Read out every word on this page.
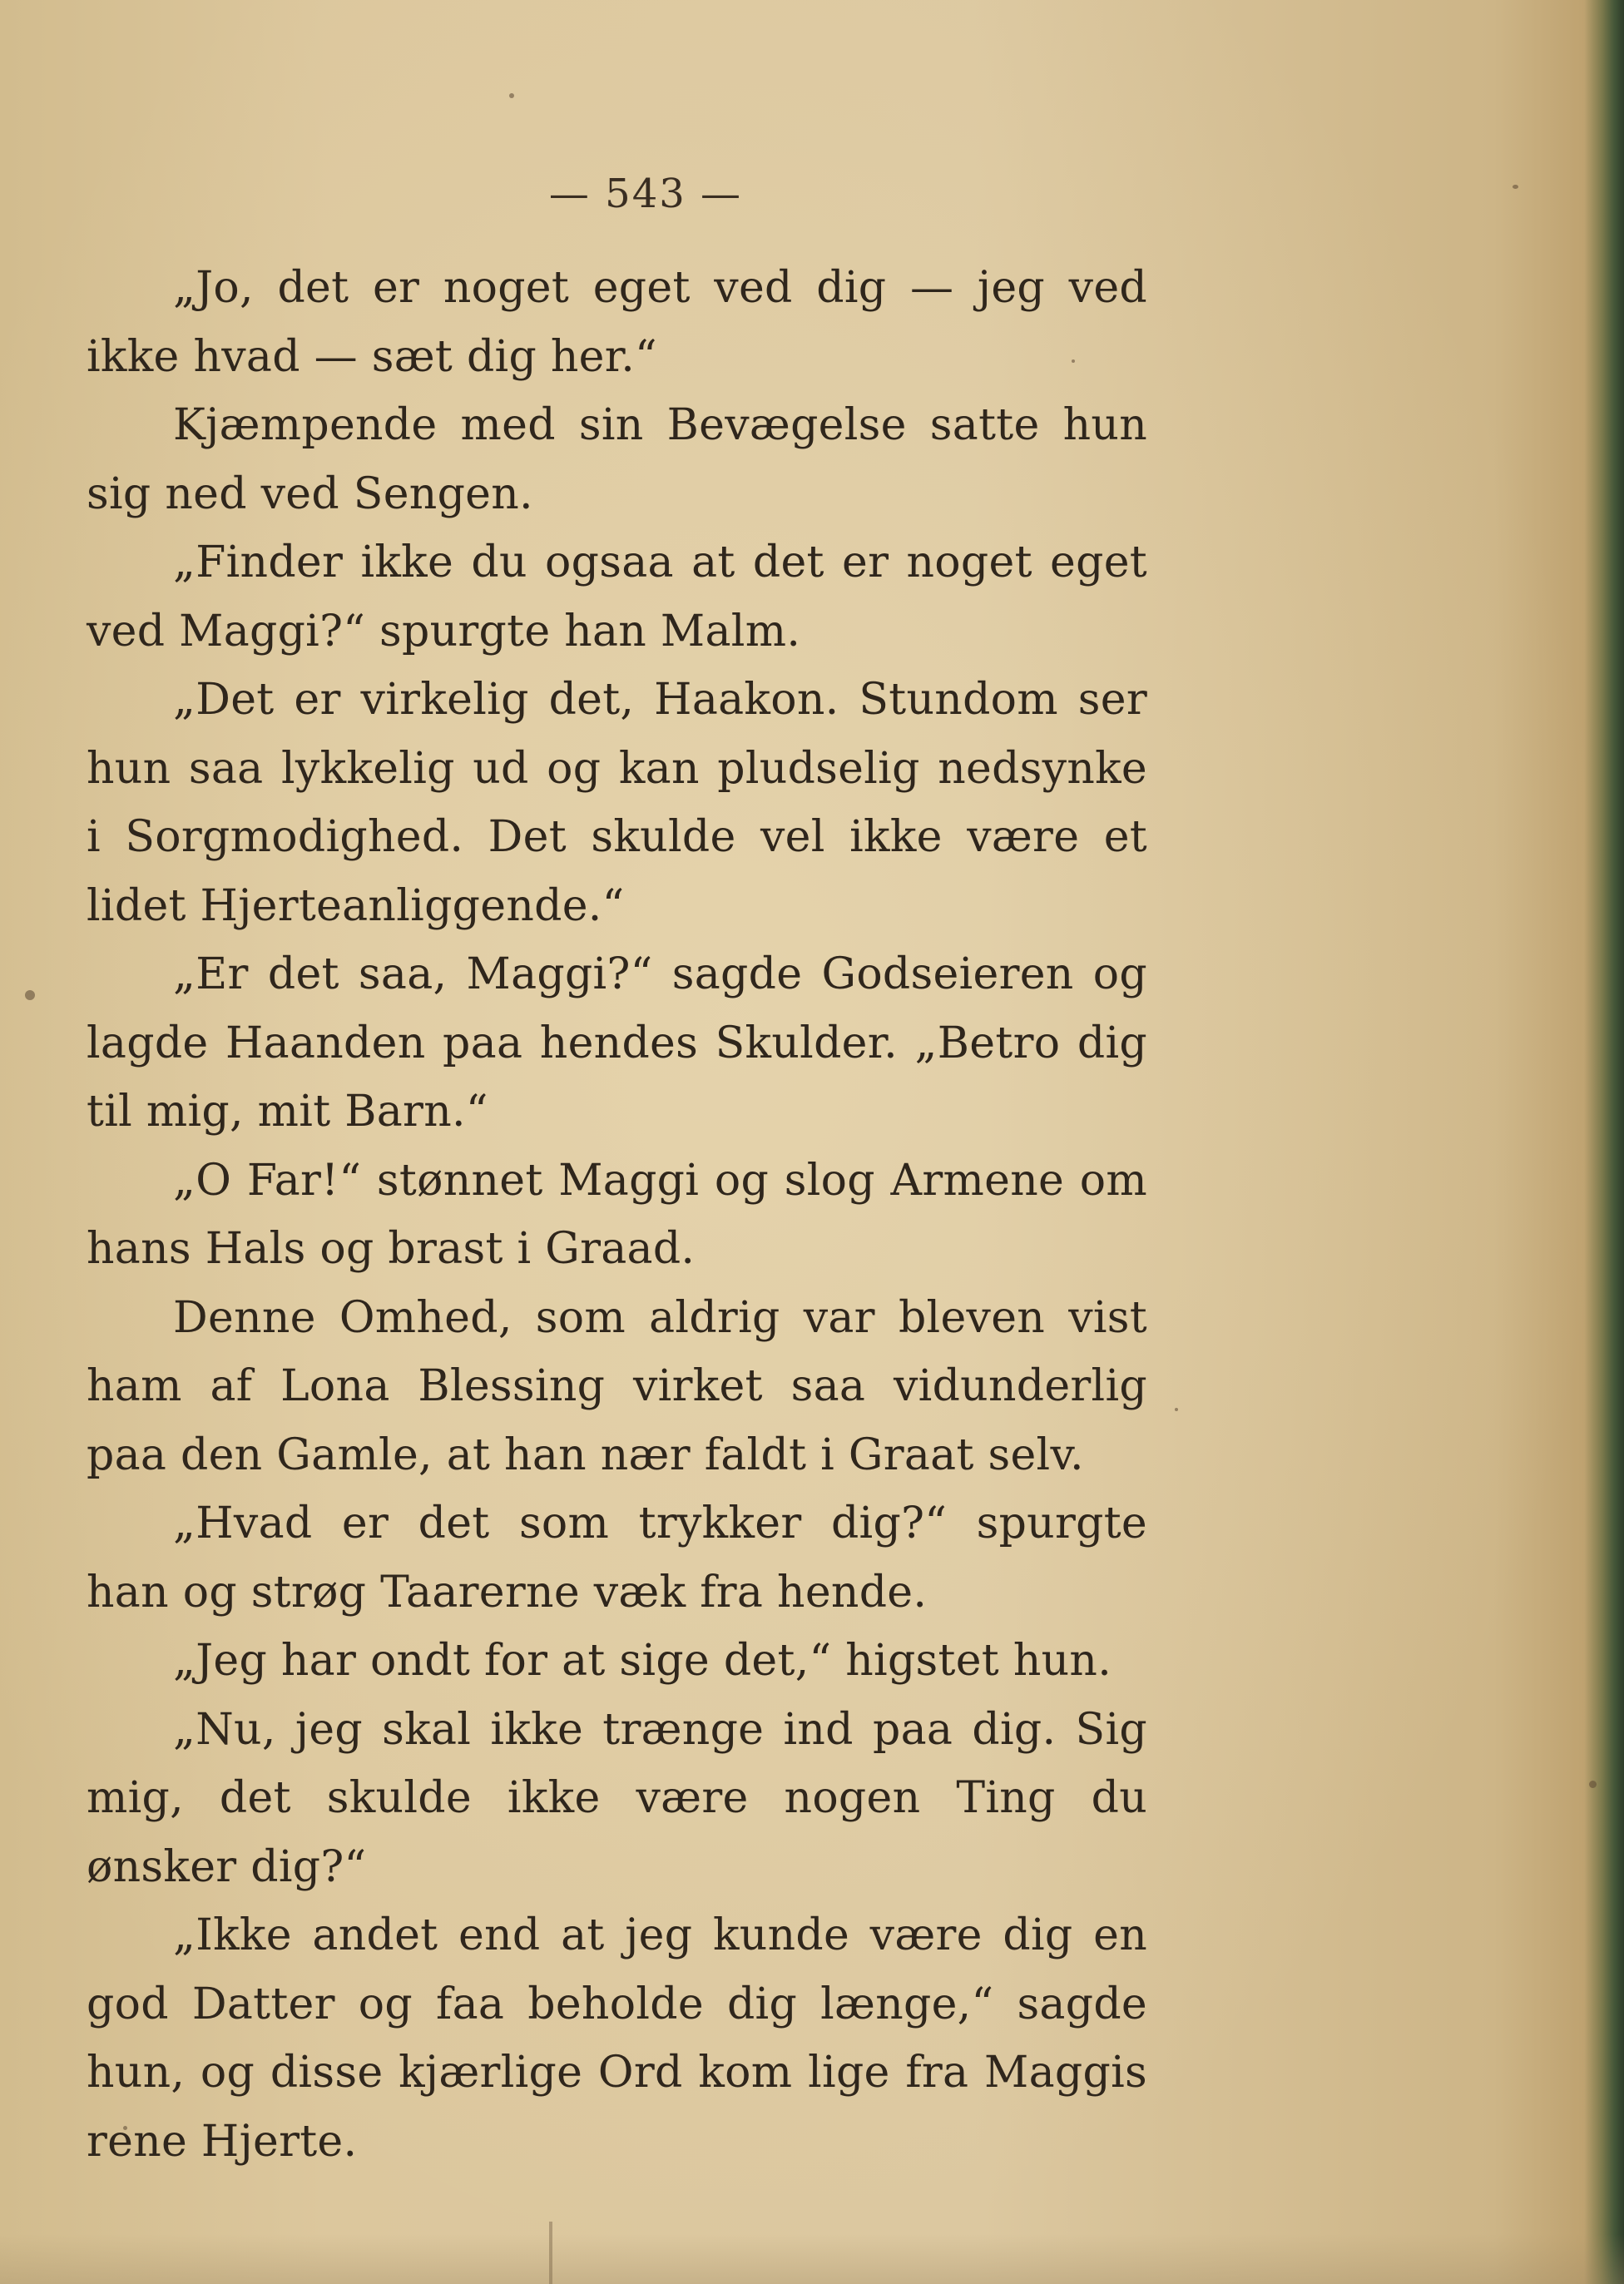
— 543 —

„Jo, det er noget eget ved dig — jeg ved ikke hvad — sæt dig her.“

Kjæmpende med sin Bevægelse satte hun sig ned ved Sengen.

„Finder ikke du ogsaa at det er noget eget ved Maggi?“ spurgte han Malm.

„Det er virkelig det, Haakon. Stundom ser hun saa lykkelig ud og kan pludselig nedsynke i Sorgmodighed. Det skulde vel ikke være et lidet Hjerteanliggende.“

„Er det saa, Maggi?“ sagde Godseieren og lagde Haanden paa hendes Skulder. „Betro dig til mig, mit Barn.“

„O Far!“ stønnet Maggi og slog Armene om hans Hals og brast i Graad.

Denne Omhed, som aldrig var bleven vist ham af Lona Blessing virket saa vidunderlig paa den Gamle, at han nær faldt i Graat selv.

„Hvad er det som trykker dig?“ spurgte han og strøg Taarerne væk fra hende.

„Jeg har ondt for at sige det,“ higstet hun.

„Nu, jeg skal ikke trænge ind paa dig. Sig mig, det skulde ikke være nogen Ting du ønsker dig?“

„Ikke andet end at jeg kunde være dig en god Datter og faa beholde dig længe,“ sagde hun, og disse kjærlige Ord kom lige fra Maggis rene Hjerte.
